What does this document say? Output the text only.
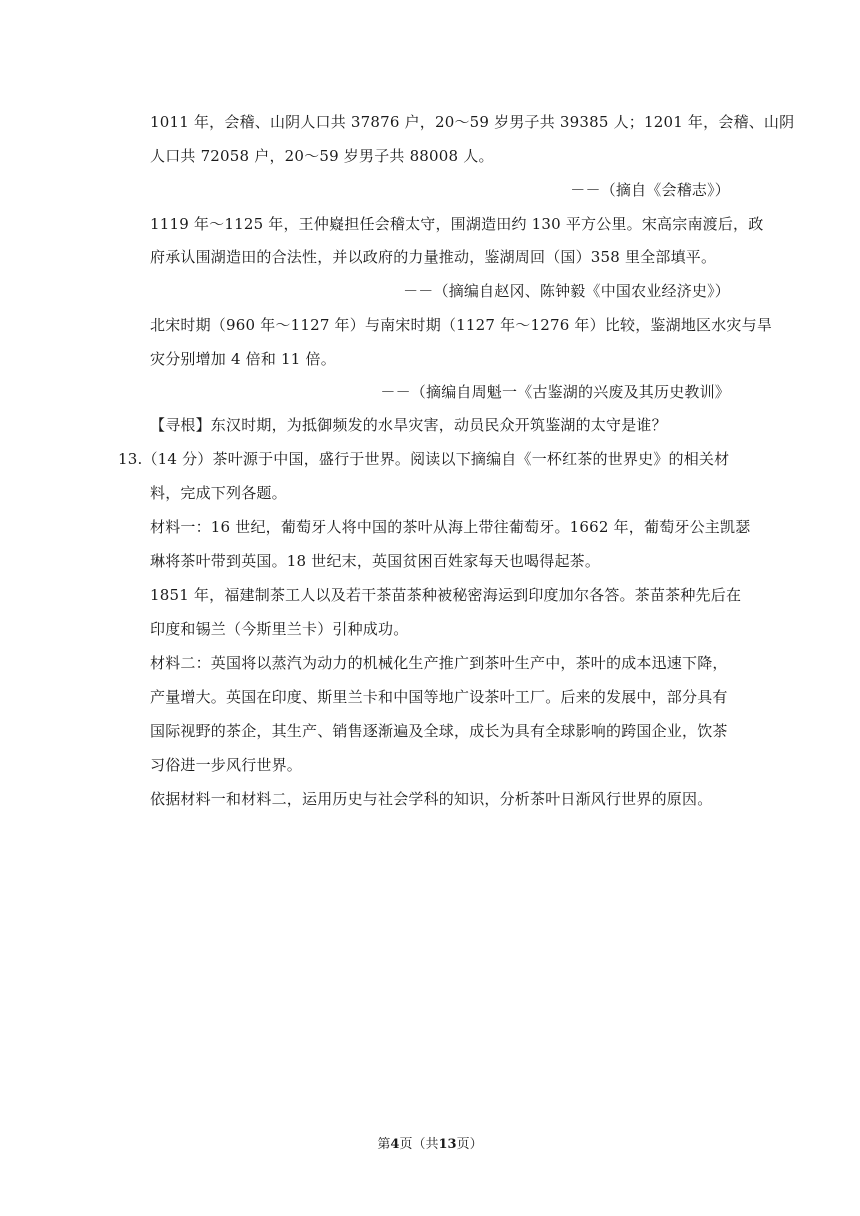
1011 年，会稽、山阴人口共 37876 户，20～59 岁男子共 39385 人；1201 年，会稽、山阴
人口共 72058 户，20～59 岁男子共 88008 人。
－－（摘自《会稽志》）
1119 年～1125 年，王仲嶷担任会稽太守，围湖造田约 130 平方公里。宋高宗南渡后，政
府承认围湖造田的合法性，并以政府的力量推动，鉴湖周回（国）358 里全部填平。
－－（摘编自赵冈、陈钟毅《中国农业经济史》）
北宋时期（960 年～1127 年）与南宋时期（1127 年～1276 年）比较，鉴湖地区水灾与旱
灾分别增加 4 倍和 11 倍。
－－（摘编自周魁一《古鉴湖的兴废及其历史教训》
【寻根】东汉时期，为抵御频发的水旱灾害，动员民众开筑鉴湖的太守是谁？
13.（14 分）茶叶源于中国，盛行于世界。阅读以下摘编自《一杯红茶的世界史》的相关材
料，完成下列各题。
材料一：16 世纪，葡萄牙人将中国的茶叶从海上带往葡萄牙。1662 年，葡萄牙公主凯瑟
琳将茶叶带到英国。18 世纪末，英国贫困百姓家每天也喝得起茶。
1851 年，福建制茶工人以及若干茶苗茶种被秘密海运到印度加尔各答。茶苗茶种先后在
印度和锡兰（今斯里兰卡）引种成功。
材料二：英国将以蒸汽为动力的机械化生产推广到茶叶生产中，茶叶的成本迅速下降，
产量增大。英国在印度、斯里兰卡和中国等地广设茶叶工厂。后来的发展中，部分具有
国际视野的茶企，其生产、销售逐渐遍及全球，成长为具有全球影响的跨国企业，饮茶
习俗进一步风行世界。
依据材料一和材料二，运用历史与社会学科的知识，分析茶叶日渐风行世界的原因。
第4页（共13页）
